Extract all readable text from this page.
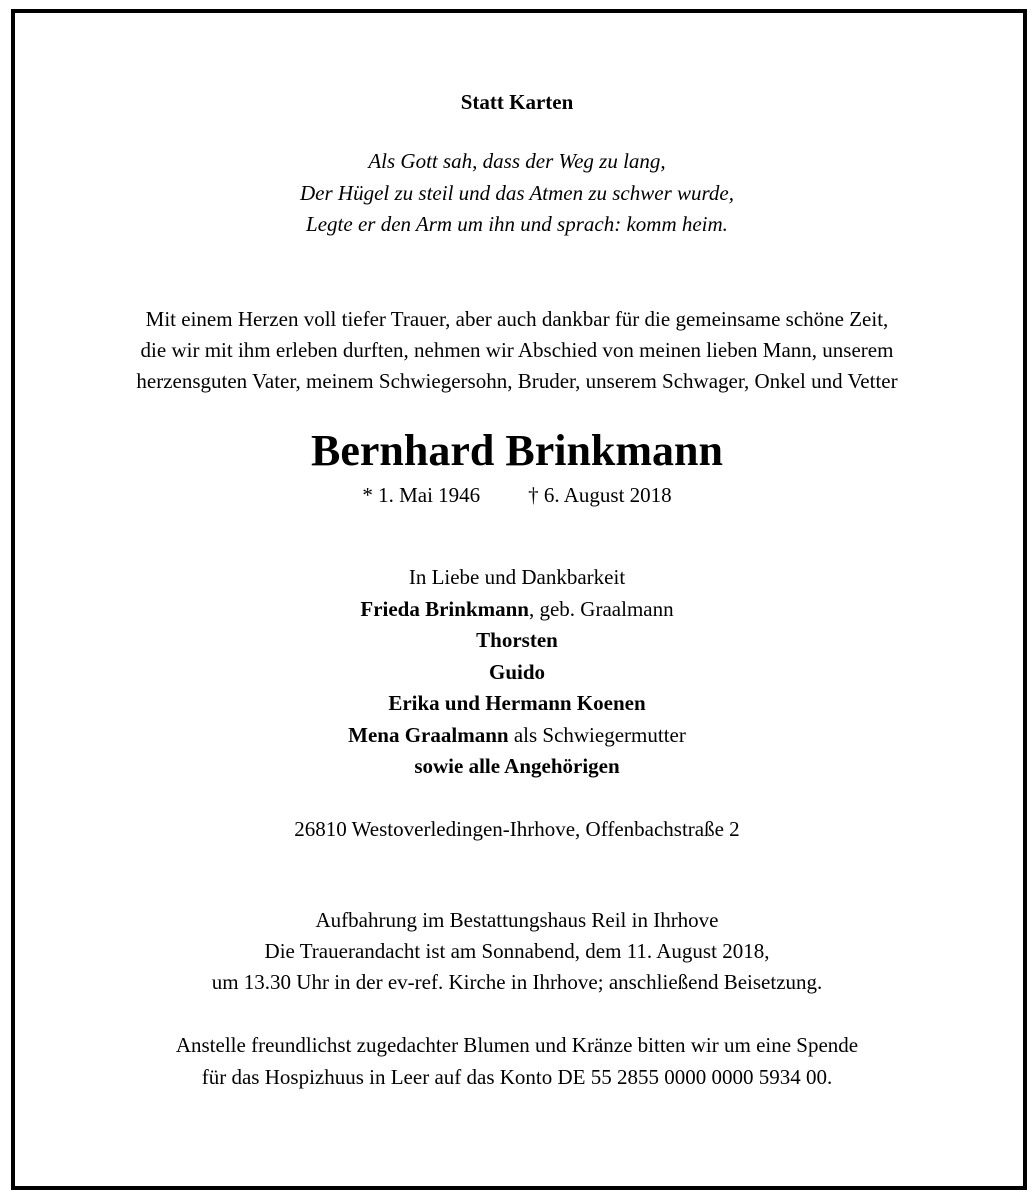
Statt Karten
Als Gott sah, dass der Weg zu lang,
Der Hügel zu steil und das Atmen zu schwer wurde,
Legte er den Arm um ihn und sprach: komm heim.
Mit einem Herzen voll tiefer Trauer, aber auch dankbar für die gemeinsame schöne Zeit,
die wir mit ihm erleben durften, nehmen wir Abschied von meinen lieben Mann, unserem
herzensguten Vater, meinem Schwiegersohn, Bruder, unserem Schwager, Onkel und Vetter
Bernhard Brinkmann
* 1. Mai 1946 † 6. August 2018
In Liebe und Dankbarkeit
Frieda Brinkmann, geb. Graalmann
Thorsten
Guido
Erika und Hermann Koenen
Mena Graalmann als Schwiegermutter
sowie alle Angehörigen
26810 Westoverledingen-Ihrhove, Offenbachstraße 2
Aufbahrung im Bestattungshaus Reil in Ihrhove
Die Trauerandacht ist am Sonnabend, dem 11. August 2018,
um 13.30 Uhr in der ev-ref. Kirche in Ihrhove; anschließend Beisetzung.
Anstelle freundlichst zugedachter Blumen und Kränze bitten wir um eine Spende
für das Hospizhuus in Leer auf das Konto DE 55 2855 0000 0000 5934 00.
